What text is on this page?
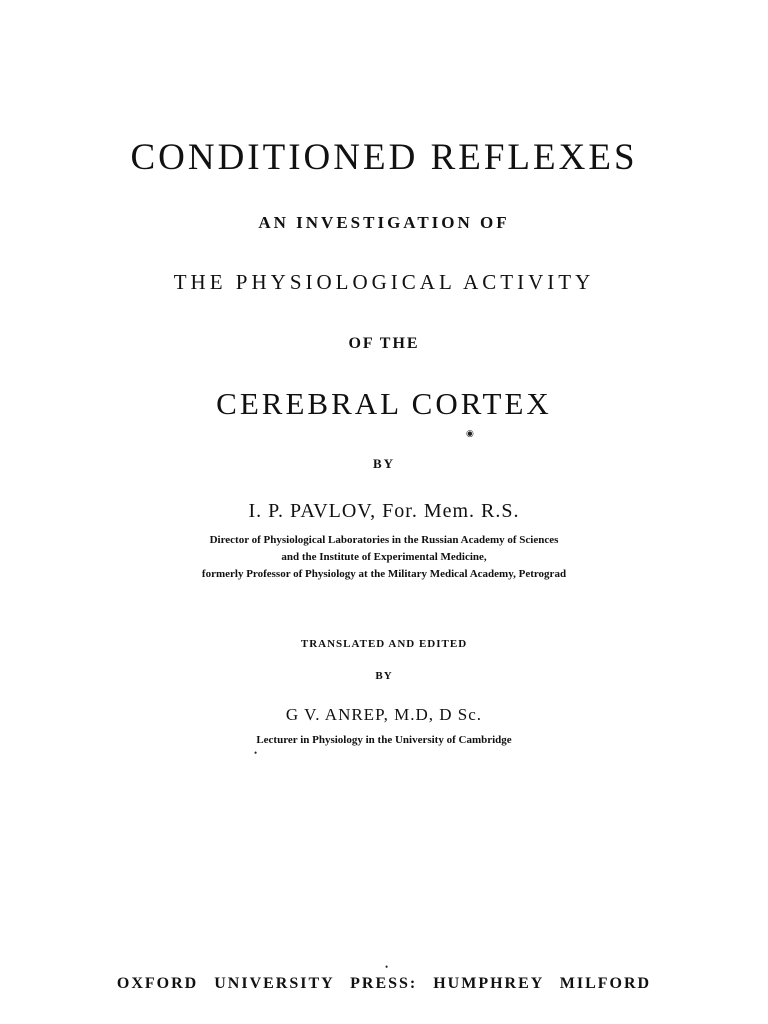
CONDITIONED REFLEXES
AN INVESTIGATION OF
THE PHYSIOLOGICAL ACTIVITY
OF THE
CEREBRAL CORTEX
◉
BY
I. P. PAVLOV, For. Mem. R.S.
Director of Physiological Laboratories in the Russian Academy of Sciences
and the Institute of Experimental Medicine,
formerly Professor of Physiology at the Military Medical Academy, Petrograd
TRANSLATED AND EDITED
BY
G V. ANREP, M.D, D Sc.
Lecturer in Physiology in the University of Cambridge
•
•
OXFORD UNIVERSITY PRESS: HUMPHREY MILFORD
